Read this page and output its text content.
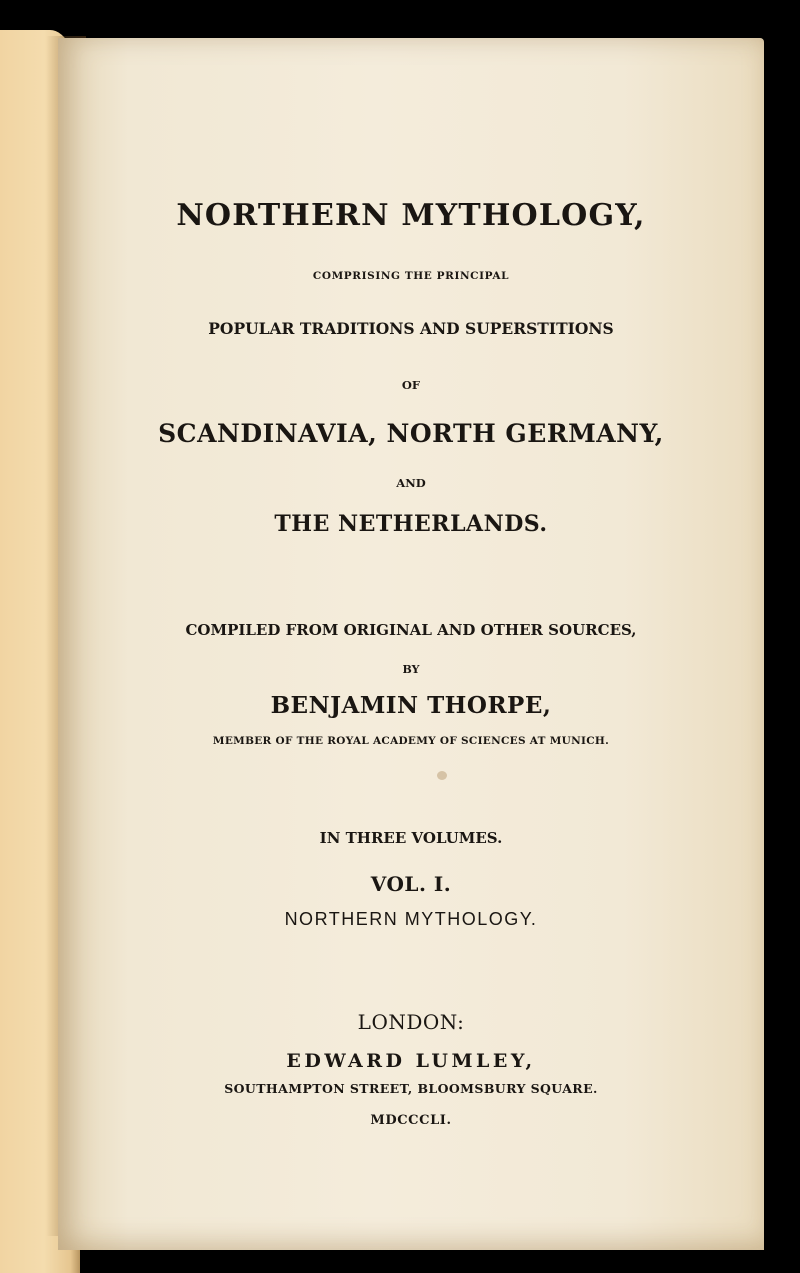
NORTHERN MYTHOLOGY,
COMPRISING THE PRINCIPAL
POPULAR TRADITIONS AND SUPERSTITIONS
OF
SCANDINAVIA, NORTH GERMANY,
AND
THE NETHERLANDS.
COMPILED FROM ORIGINAL AND OTHER SOURCES,
BY
BENJAMIN THORPE,
MEMBER OF THE ROYAL ACADEMY OF SCIENCES AT MUNICH.
IN THREE VOLUMES.
VOL. I.
NORTHERN MYTHOLOGY.
LONDON:
EDWARD LUMLEY,
SOUTHAMPTON STREET, BLOOMSBURY SQUARE.
MDCCCLI.
